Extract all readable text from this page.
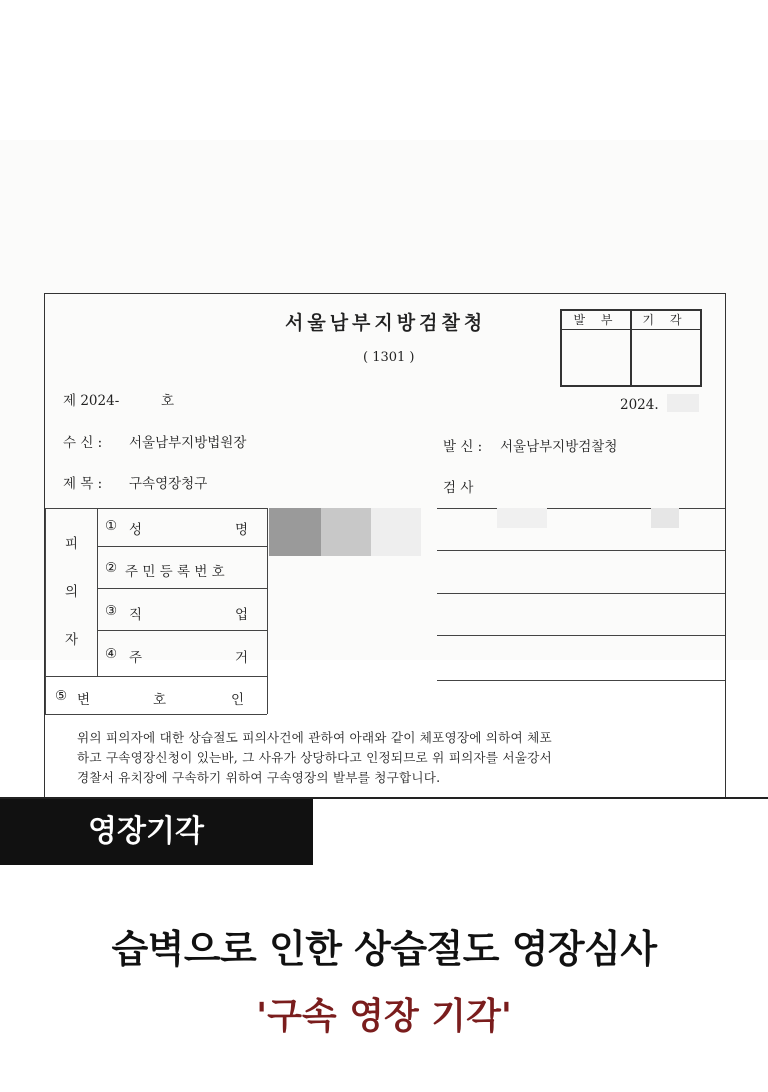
서울남부지방검찰청
( 1301 )
발 부	기 각
제 2024-	호	2024.
수 신 : 서울남부지방법원장	발 신 : 서울남부지방검찰청
제 목 : 구속영장청구	검 사
피
의
자
① 성	명
② 주 민 등 록 번 호
③ 직	업
④ 주	거
⑤ 변	호	인

위의 피의자에 대한 상습절도 피의사건에 관하여 아래와 같이 체포영장에 의하여 체포

하고 구속영장신청이 있는바, 그 사유가 상당하다고 인정되므로 위 피의자를 서울강서

경찰서 유치장에 구속하기 위하여 구속영장의 발부를 청구합니다.

영장기각
습벽으로 인한 상습절도 영장심사
'구속 영장 기각'
